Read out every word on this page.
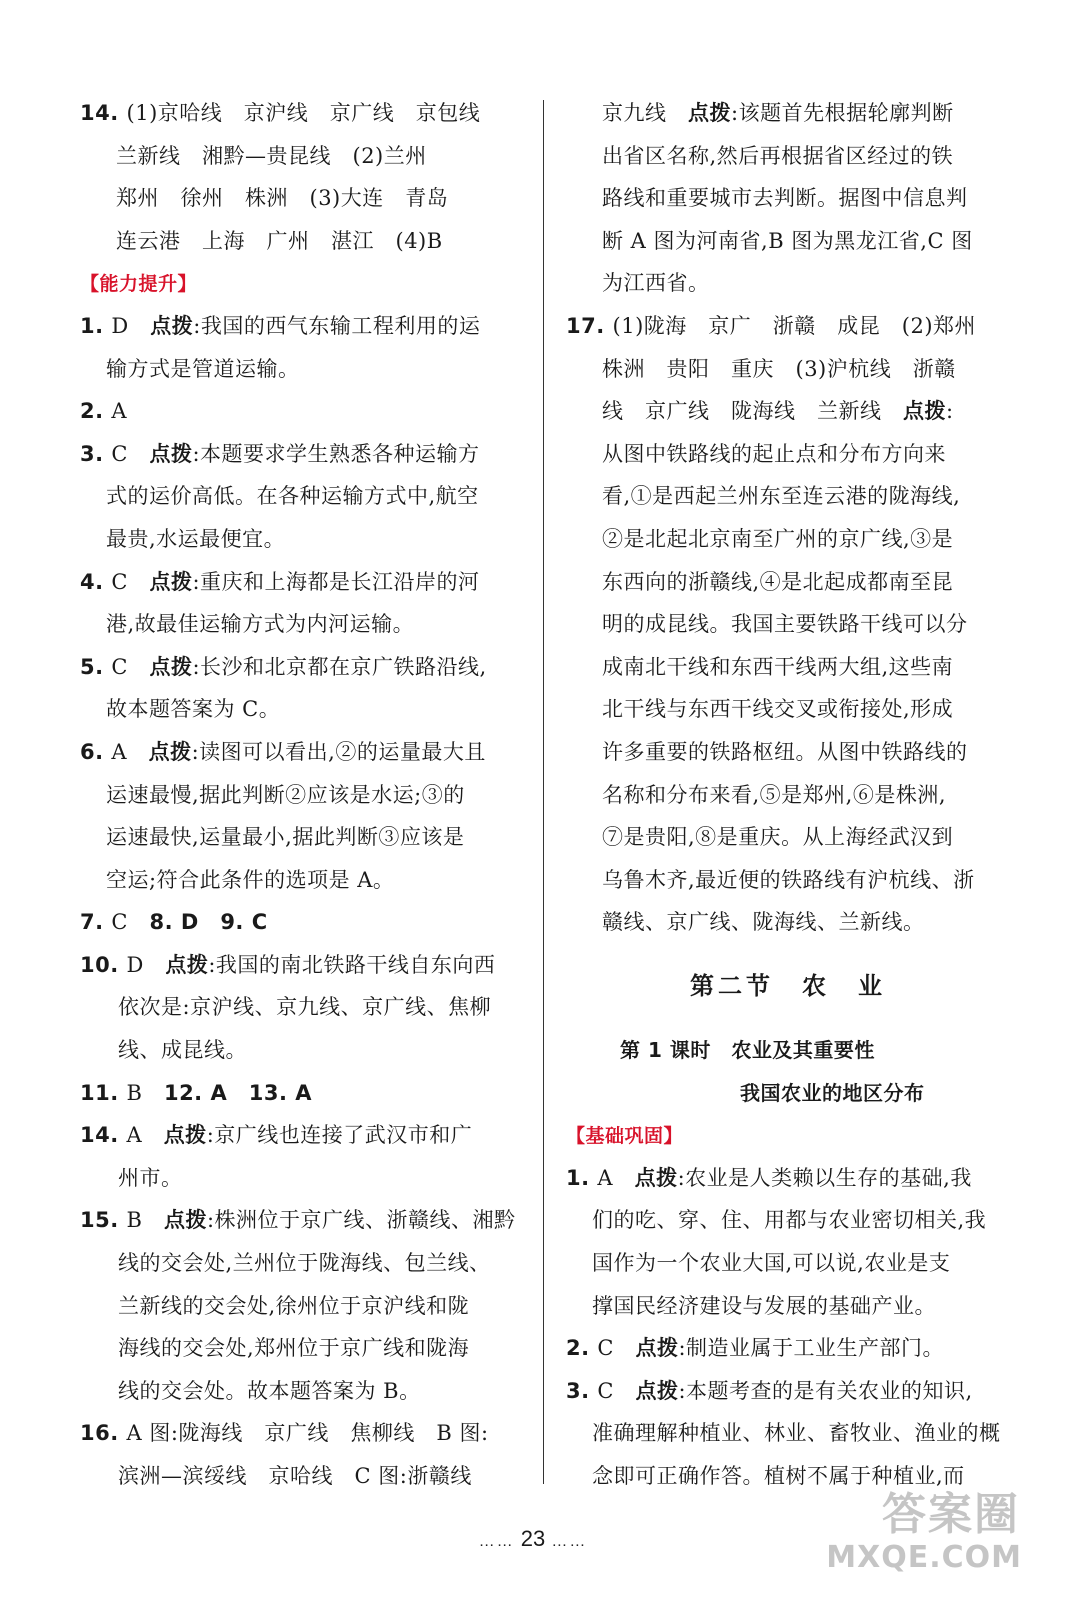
14. (1)京哈线　京沪线　京广线　京包线
兰新线　湘黔—贵昆线　(2)兰州
郑州　徐州　株洲　(3)大连　青岛
连云港　上海　广州　湛江　(4)B
【能力提升】
1. D　点拨:我国的西气东输工程利用的运
输方式是管道运输。
2. A
3. C　点拨:本题要求学生熟悉各种运输方
式的运价高低。在各种运输方式中,航空
最贵,水运最便宜。
4. C　点拨:重庆和上海都是长江沿岸的河
港,故最佳运输方式为内河运输。
5. C　点拨:长沙和北京都在京广铁路沿线,
故本题答案为 C。
6. A　点拨:读图可以看出,②的运量最大且
运速最慢,据此判断②应该是水运;③的
运速最快,运量最小,据此判断③应该是
空运;符合此条件的选项是 A。
7. C　8. D　9. C
10. D　点拨:我国的南北铁路干线自东向西
依次是:京沪线、京九线、京广线、焦柳
线、成昆线。
11. B　12. A　13. A
14. A　点拨:京广线也连接了武汉市和广
州市。
15. B　点拨:株洲位于京广线、浙赣线、湘黔
线的交会处,兰州位于陇海线、包兰线、
兰新线的交会处,徐州位于京沪线和陇
海线的交会处,郑州位于京广线和陇海
线的交会处。故本题答案为 B。
16. A 图:陇海线　京广线　焦柳线　B 图:
滨洲—滨绥线　京哈线　C 图:浙赣线
京九线　点拨:该题首先根据轮廓判断
出省区名称,然后再根据省区经过的铁
路线和重要城市去判断。据图中信息判
断 A 图为河南省,B 图为黑龙江省,C 图
为江西省。
17. (1)陇海　京广　浙赣　成昆　(2)郑州
株洲　贵阳　重庆　(3)沪杭线　浙赣
线　京广线　陇海线　兰新线　点拨:
从图中铁路线的起止点和分布方向来
看,①是西起兰州东至连云港的陇海线,
②是北起北京南至广州的京广线,③是
东西向的浙赣线,④是北起成都南至昆
明的成昆线。我国主要铁路干线可以分
成南北干线和东西干线两大组,这些南
北干线与东西干线交叉或衔接处,形成
许多重要的铁路枢纽。从图中铁路线的
名称和分布来看,⑤是郑州,⑥是株洲,
⑦是贵阳,⑧是重庆。从上海经武汉到
乌鲁木齐,最近便的铁路线有沪杭线、浙
赣线、京广线、陇海线、兰新线。
第二节　农　业
第 1 课时　农业及其重要性
我国农业的地区分布
【基础巩固】
1. A　点拨:农业是人类赖以生存的基础,我
们的吃、穿、住、用都与农业密切相关,我
国作为一个农业大国,可以说,农业是支
撑国民经济建设与发展的基础产业。
2. C　点拨:制造业属于工业生产部门。
3. C　点拨:本题考查的是有关农业的知识,
准确理解种植业、林业、畜牧业、渔业的概
念即可正确作答。植树不属于种植业,而
…… 23 ……
答案圈
MXQE.COM
